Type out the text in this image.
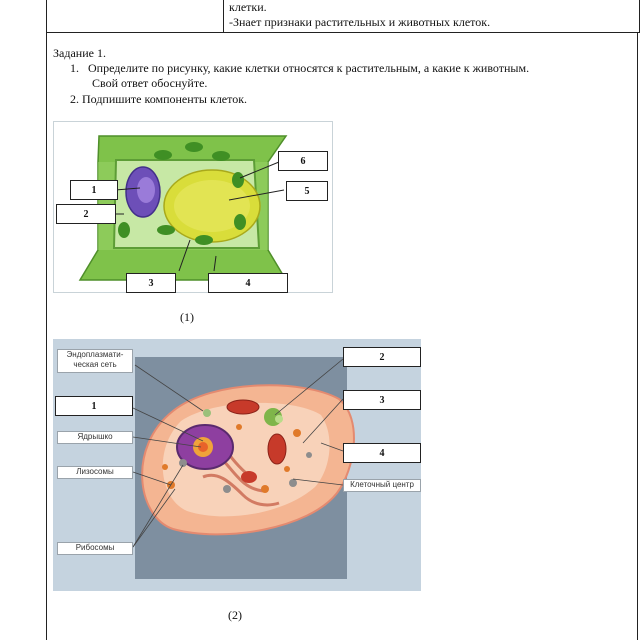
клетки.
-Знает признаки растительных и животных клеток.
Задание 1.
1. Определите по рисунку, какие клетки относятся к растительным, а какие к животным.
Свой ответ обоснуйте.
2. Подпишите компоненты клеток.
1
2
3	4
5
6
(1)
Эндоплазмати-ческая сеть
1
Ядрышко
Лизосомы
Рибосомы
2
3
4
Клеточный центр
(2)
